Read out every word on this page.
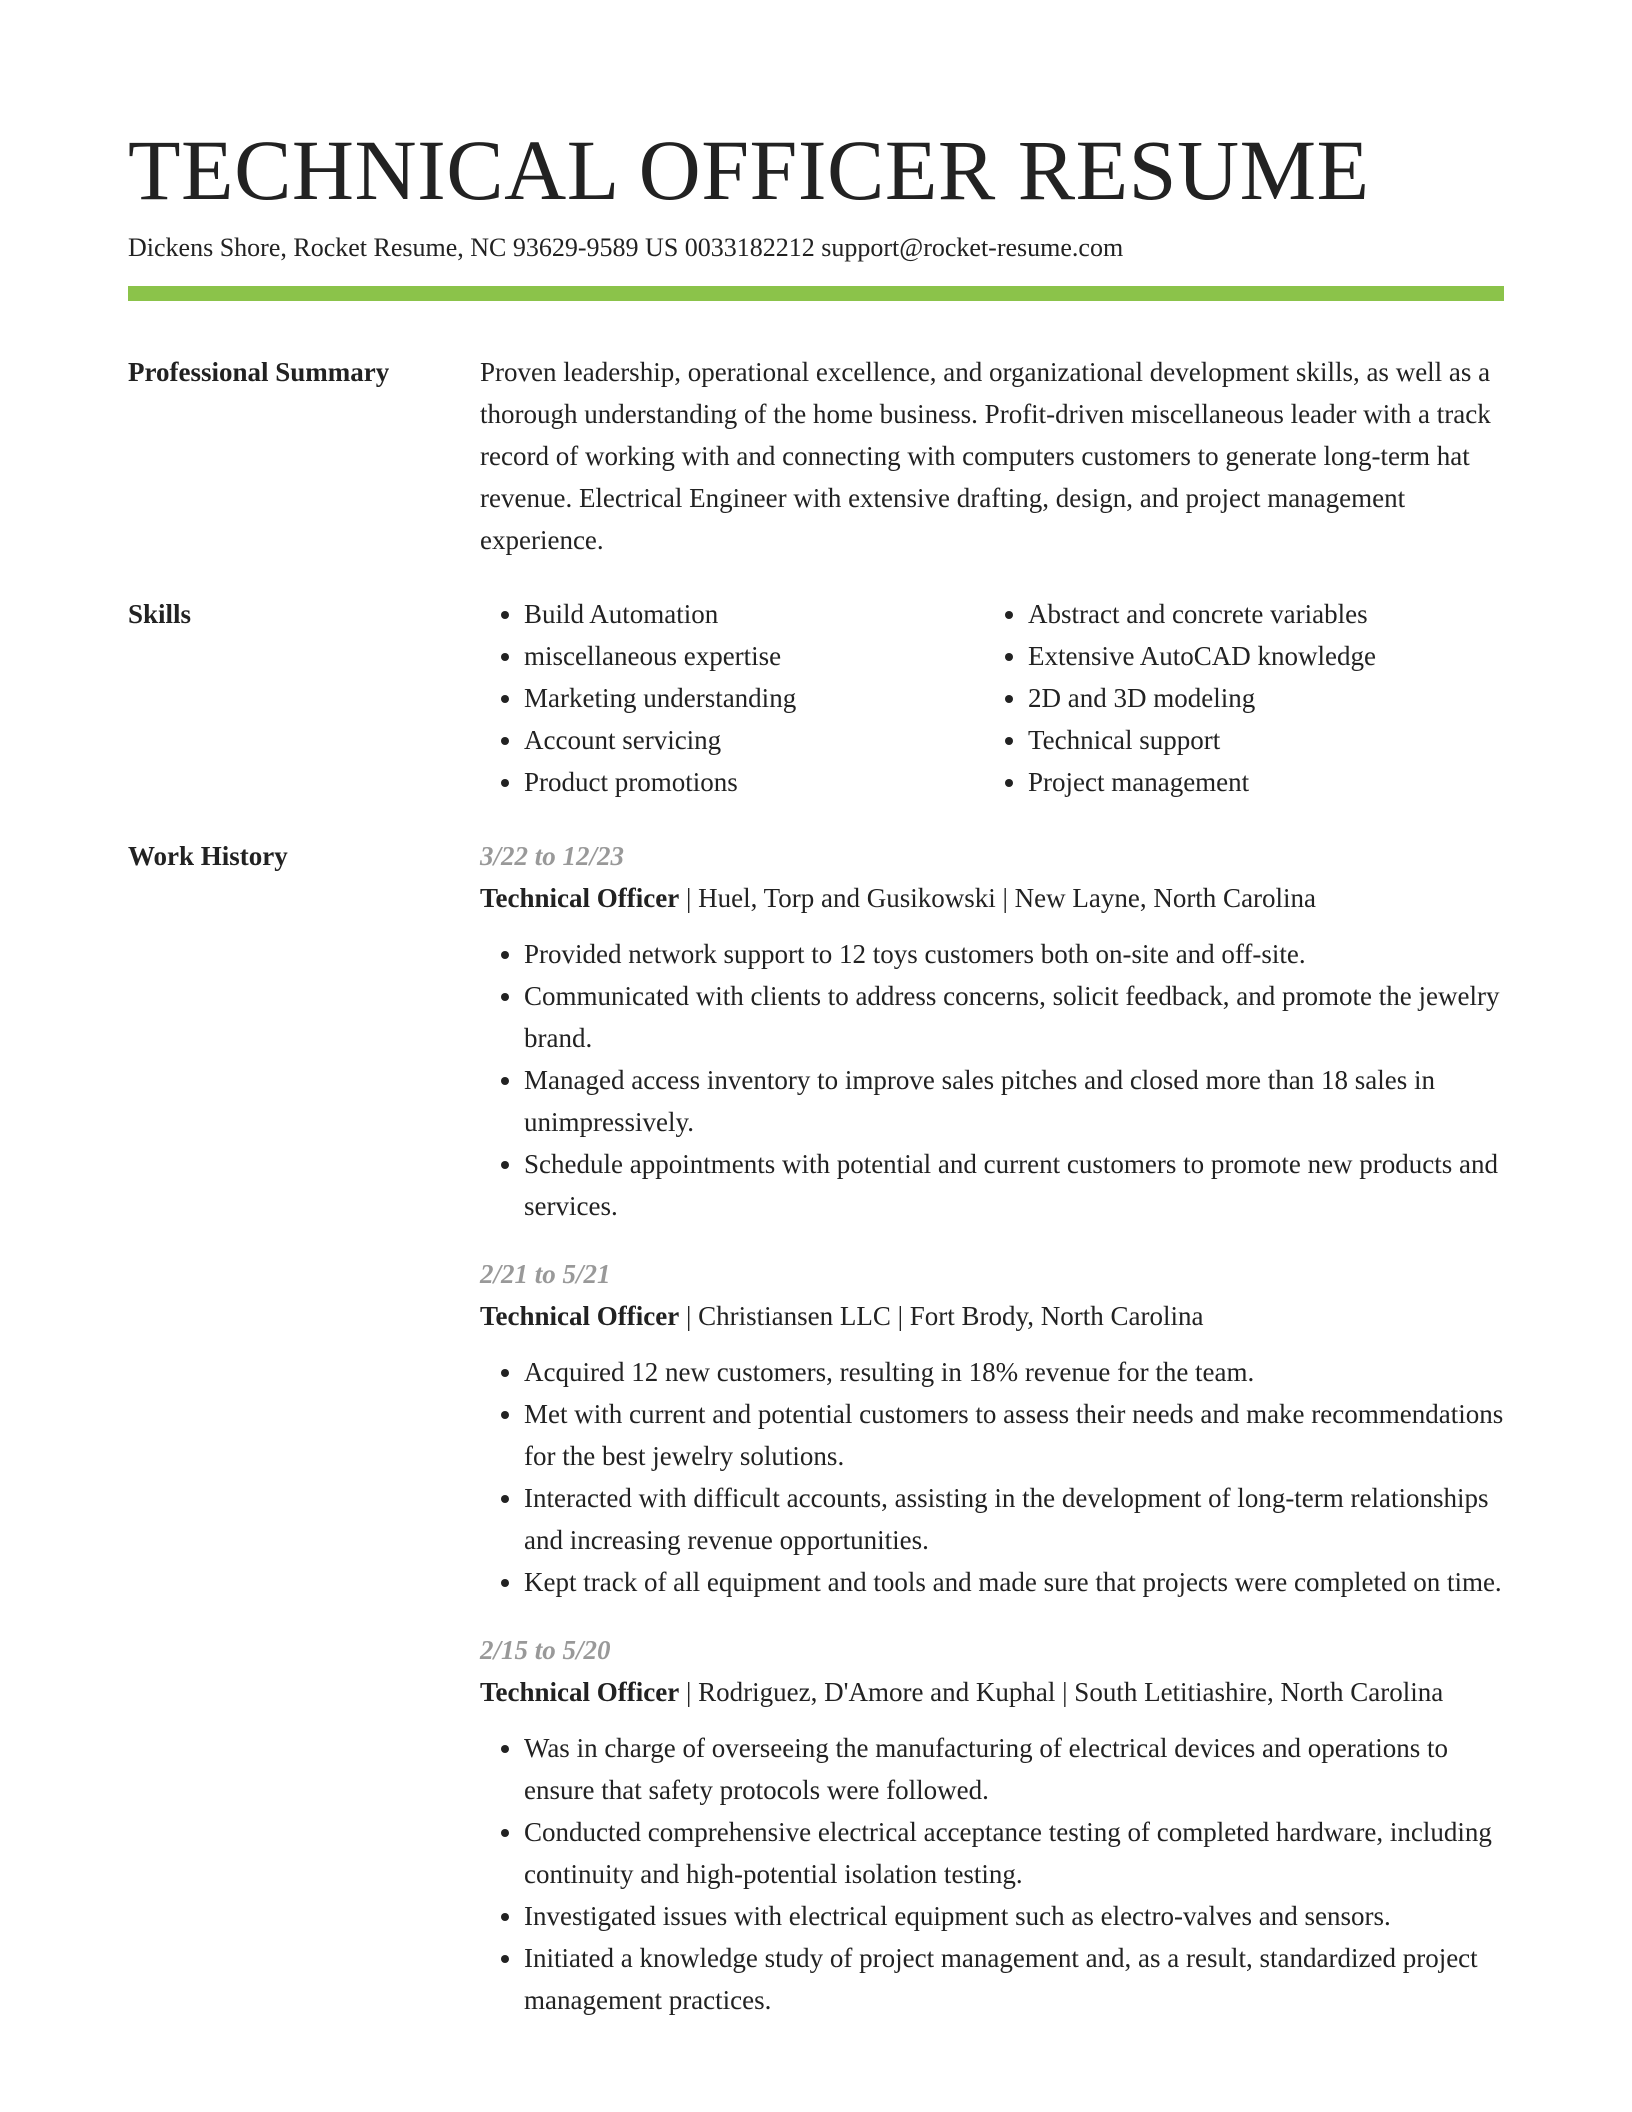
TECHNICAL OFFICER RESUME
Dickens Shore, Rocket Resume, NC 93629-9589 US 0033182212 support@rocket-resume.com
Professional Summary	Proven leadership, operational excellence, and organizational development skills, as well as a thorough understanding of the home business. Profit-driven miscellaneous leader with a track record of working with and connecting with computers customers to generate long-term hat revenue. Electrical Engineer with extensive drafting, design, and project management experience.
Skills
•	Build Automation
• miscellaneous expertise
• Marketing understanding
• Account servicing
• Product promotions
• Abstract and concrete variables
• Extensive AutoCAD knowledge
• 2D and 3D modeling
• Technical support
• Project management
Work History	3/22 to 12/23
Technical Officer | Huel, Torp and Gusikowski | New Layne, North Carolina
• Provided network support to 12 toys customers both on-site and off-site.
• Communicated with clients to address concerns, solicit feedback, and promote the jewelry brand.
• Managed access inventory to improve sales pitches and closed more than 18 sales in unimpressively.
• Schedule appointments with potential and current customers to promote new products and services.
2/21 to 5/21
Technical Officer | Christiansen LLC | Fort Brody, North Carolina
• Acquired 12 new customers, resulting in 18% revenue for the team.
• Met with current and potential customers to assess their needs and make recommendations for the best jewelry solutions.
• Interacted with difficult accounts, assisting in the development of long-term relationships and increasing revenue opportunities.
• Kept track of all equipment and tools and made sure that projects were completed on time.
2/15 to 5/20
Technical Officer | Rodriguez, D'Amore and Kuphal | South Letitiashire, North Carolina
• Was in charge of overseeing the manufacturing of electrical devices and operations to ensure that safety protocols were followed.
• Conducted comprehensive electrical acceptance testing of completed hardware, including continuity and high-potential isolation testing.
• Investigated issues with electrical equipment such as electro-valves and sensors.
• Initiated a knowledge study of project management and, as a result, standardized project management practices.
